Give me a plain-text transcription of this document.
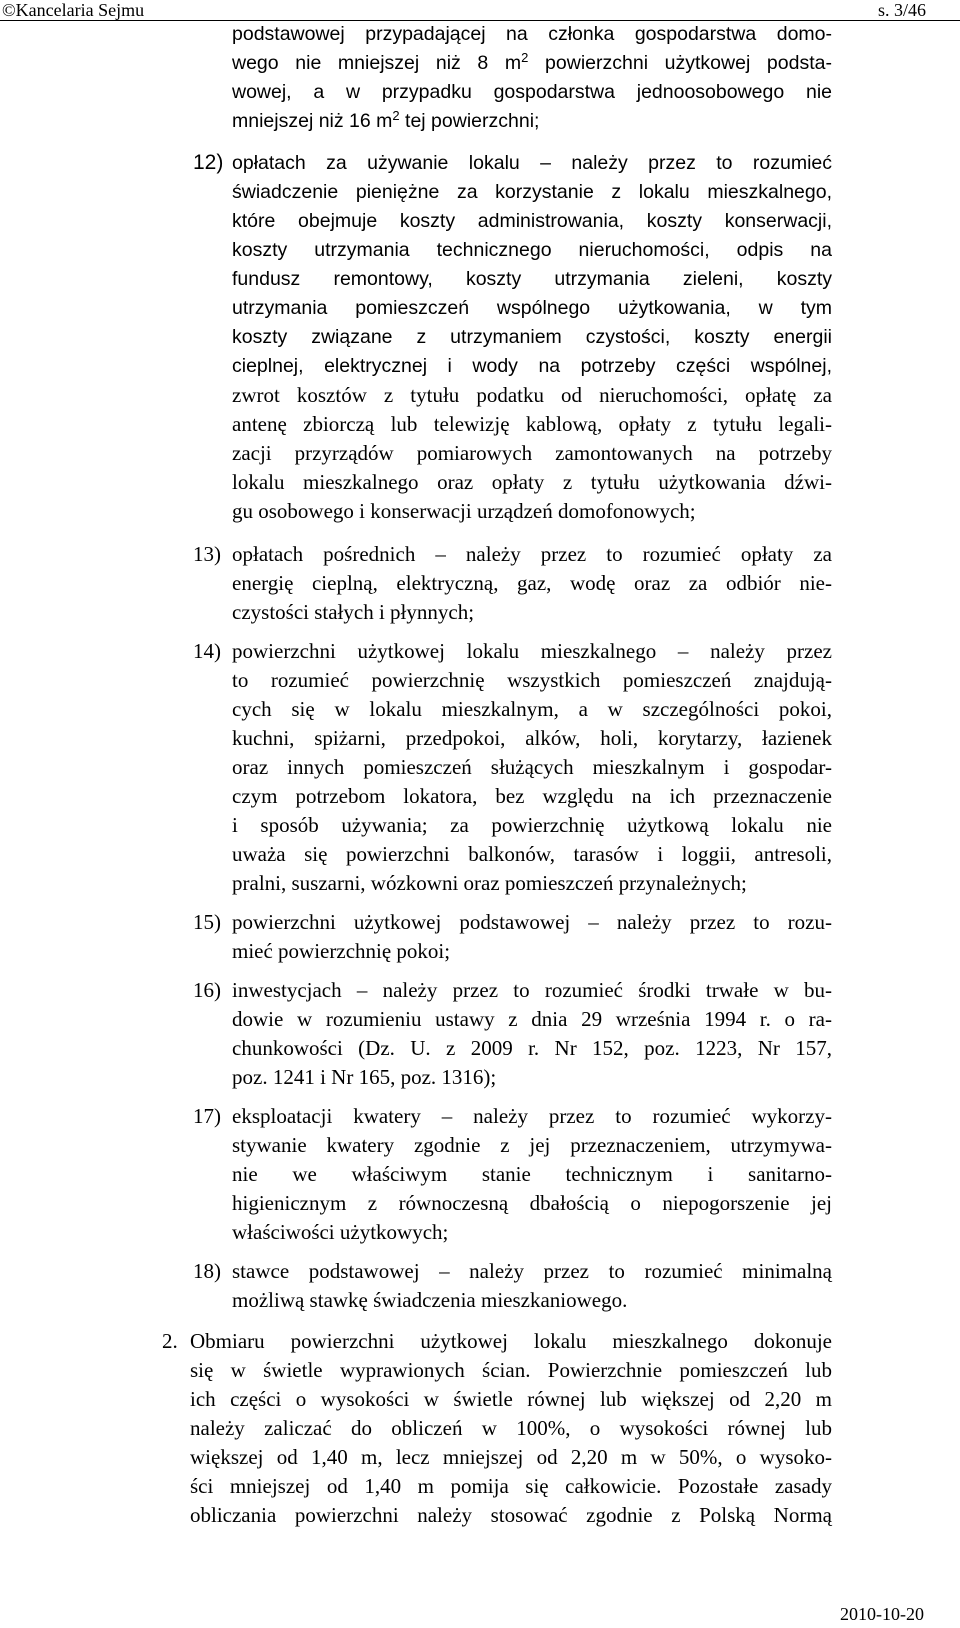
©Kancelaria Sejmu	s. 3/46
podstawowej przypadającej na członka gospodarstwa domo-
wego nie mniejszej niż 8 $m^2$ powierzchni użytkowej podsta-
wowej, a w przypadku gospodarstwa jednoosobowego nie
mniejszej niż 16 $m^2$ tej powierzchni;
12) opłatach za używanie lokalu – należy przez to rozumieć
świadczenie pieniężne za korzystanie z lokalu mieszkalnego,
które obejmuje koszty administrowania, koszty konserwacji,
koszty utrzymania technicznego nieruchomości, odpis na
fundusz remontowy, koszty utrzymania zieleni, koszty
utrzymania pomieszczeń wspólnego użytkowania, w tym
koszty związane z utrzymaniem czystości, koszty energii
cieplnej, elektrycznej i wody na potrzeby części wspólnej,
zwrot kosztów z tytułu podatku od nieruchomości, opłatę za
antenę zbiorczą lub telewizję kablową, opłaty z tytułu legali-
zacji przyrządów pomiarowych zamontowanych na potrzeby
lokalu mieszkalnego oraz opłaty z tytułu użytkowania dźwi-
gu osobowego i konserwacji urządzeń domofonowych;
13) opłatach pośrednich – należy przez to rozumieć opłaty za
energię cieplną, elektryczną, gaz, wodę oraz za odbiór nie-
czystości stałych i płynnych;
14) powierzchni użytkowej lokalu mieszkalnego – należy przez
to rozumieć powierzchnię wszystkich pomieszczeń znajdują-
cych się w lokalu mieszkalnym, a w szczególności pokoi,
kuchni, spiżarni, przedpokoi, alków, holi, korytarzy, łazienek
oraz innych pomieszczeń służących mieszkalnym i gospodar-
czym potrzebom lokatora, bez względu na ich przeznaczenie
i sposób używania; za powierzchnię użytkową lokalu nie
uważa się powierzchni balkonów, tarasów i loggii, antresoli,
pralni, suszarni, wózkowni oraz pomieszczeń przynależnych;
15) powierzchni użytkowej podstawowej – należy przez to rozu-
mieć powierzchnię pokoi;
16) inwestycjach – należy przez to rozumieć środki trwałe w bu-
dowie w rozumieniu ustawy z dnia 29 września 1994 r. o ra-
chunkowości (Dz. U. z 2009 r. Nr 152, poz. 1223, Nr 157,
poz. 1241 i Nr 165, poz. 1316);
17) eksploatacji kwatery – należy przez to rozumieć wykorzy-
stywanie kwatery zgodnie z jej przeznaczeniem, utrzymywa-
nie we właściwym stanie technicznym i sanitarno-
higienicznym z równoczesną dbałością o niepogorszenie jej
właściwości użytkowych;
18) stawce podstawowej – należy przez to rozumieć minimalną
możliwą stawkę świadczenia mieszkaniowego.
2. Obmiaru powierzchni użytkowej lokalu mieszkalnego dokonuje
się w świetle wyprawionych ścian. Powierzchnie pomieszczeń lub
ich części o wysokości w świetle równej lub większej od 2,20 m
należy zaliczać do obliczeń w 100%, o wysokości równej lub
większej od 1,40 m, lecz mniejszej od 2,20 m w 50%, o wysoko-
ści mniejszej od 1,40 m pomija się całkowicie. Pozostałe zasady
obliczania powierzchni należy stosować zgodnie z Polską Normą
2010-10-20
